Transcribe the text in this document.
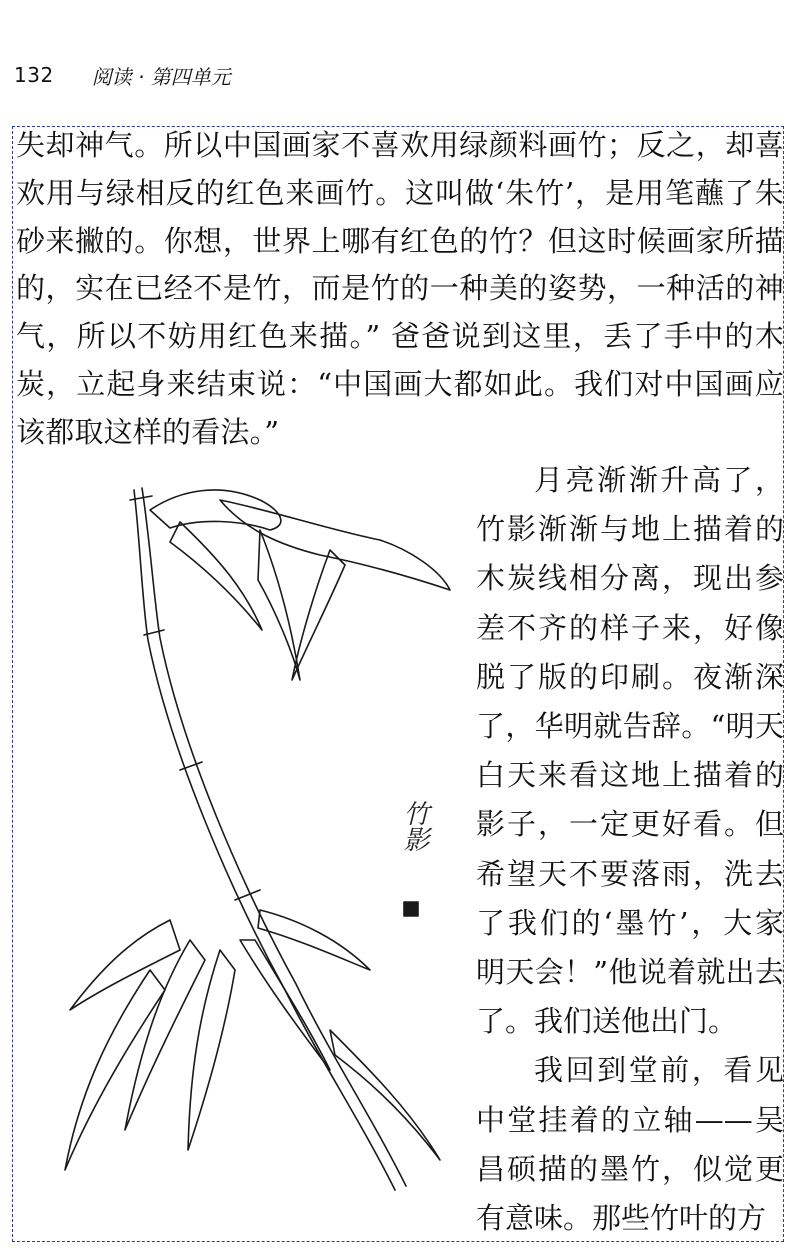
132 阅读 · 第四单元

失却神气。所以中国画家不喜欢用绿颜料画竹；反之，却喜欢用与绿相反的红色来画竹。这叫做‘朱竹’，是用笔蘸了朱砂来撇的。你想，世界上哪有红色的竹？但这时候画家所描的，实在已经不是竹，而是竹的一种美的姿势，一种活的神气，所以不妨用红色来描。” 爸爸说到这里，丢了手中的木炭，立起身来结束说：“中国画大都如此。我们对中国画应该都取这样的看法。”

竹影

月亮渐渐升高了，竹影渐渐与地上描着的木炭线相分离，现出参差不齐的样子来，好像脱了版的印刷。夜渐深了，华明就告辞。“明天白天来看这地上描着的影子，一定更好看。但希望天不要落雨，洗去了我们的‘墨竹’，大家明天会！”他说着就出去了。我们送他出门。

我回到堂前，看见中堂挂着的立轴——吴昌硕描的墨竹，似觉更有意味。那些竹叶的方
